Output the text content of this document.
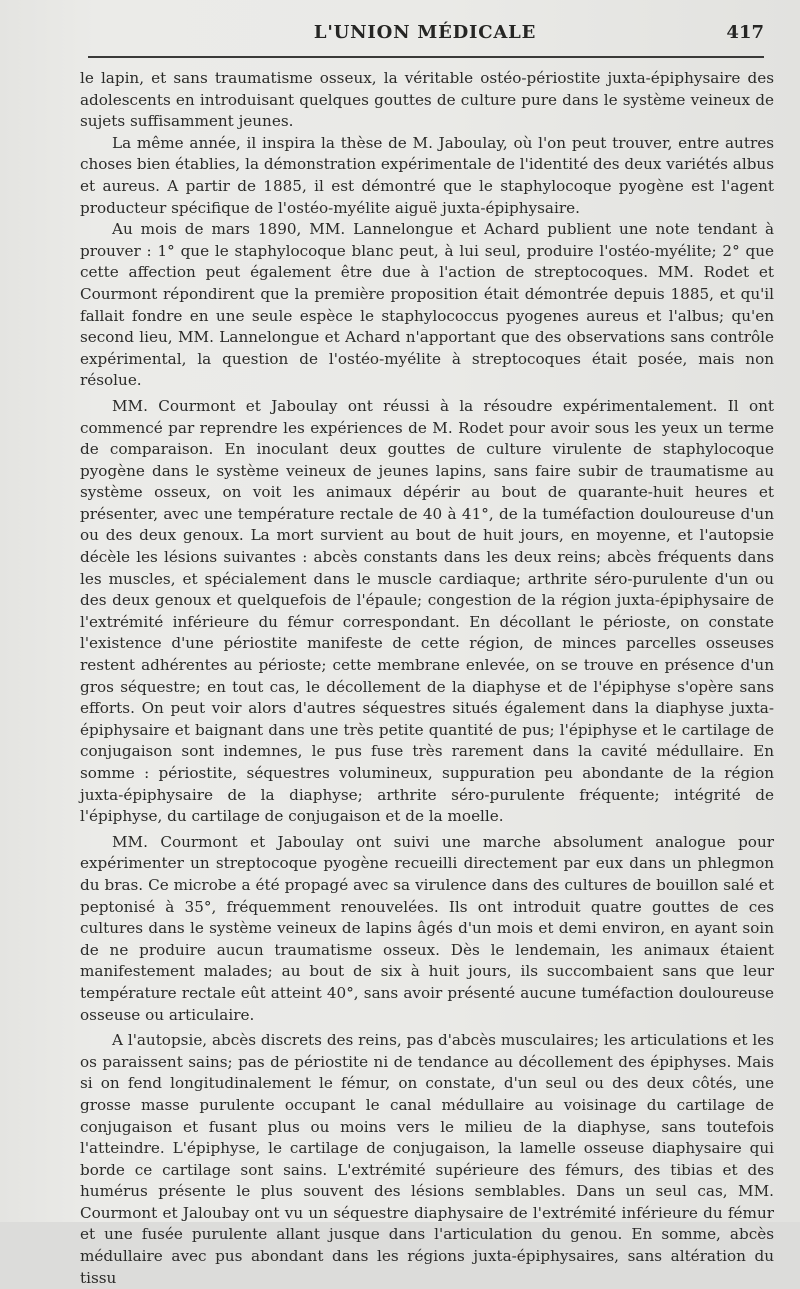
L'UNION MÉDICALE	417

le lapin, et sans traumatisme osseux, la véritable ostéo-périostite juxta-épiphysaire des adolescents en introduisant quelques gouttes de culture pure dans le système veineux de sujets suffisamment jeunes.

La même année, il inspira la thèse de M. Jaboulay, où l'on peut trouver, entre autres choses bien établies, la démonstration expérimentale de l'identité des deux variétés albus et aureus. A partir de 1885, il est démontré que le staphylocoque pyogène est l'agent producteur spécifique de l'ostéo-myélite aiguë juxta-épiphysaire.

Au mois de mars 1890, MM. Lannelongue et Achard publient une note tendant à prouver : 1° que le staphylocoque blanc peut, à lui seul, produire l'ostéo-myélite; 2° que cette affection peut également être due à l'action de streptocoques. MM. Rodet et Courmont répondirent que la première proposition était démontrée depuis 1885, et qu'il fallait fondre en une seule espèce le staphylococcus pyogenes aureus et l'albus; qu'en second lieu, MM. Lannelongue et Achard n'apportant que des observations sans contrôle expérimental, la question de l'ostéo-myélite à streptocoques était posée, mais non résolue.

MM. Courmont et Jaboulay ont réussi à la résoudre expérimentalement. Il ont commencé par reprendre les expériences de M. Rodet pour avoir sous les yeux un terme de comparaison. En inoculant deux gouttes de culture virulente de staphylocoque pyogène dans le système veineux de jeunes lapins, sans faire subir de traumatisme au système osseux, on voit les animaux dépérir au bout de quarante-huit heures et présenter, avec une température rectale de 40 à 41°, de la tuméfaction douloureuse d'un ou des deux genoux. La mort survient au bout de huit jours, en moyenne, et l'autopsie décèle les lésions suivantes : abcès constants dans les deux reins; abcès fréquents dans les muscles, et spécialement dans le muscle cardiaque; arthrite séro-purulente d'un ou des deux genoux et quelquefois de l'épaule; congestion de la région juxta-épiphysaire de l'extrémité inférieure du fémur correspondant. En décollant le périoste, on constate l'existence d'une périostite manifeste de cette région, de minces parcelles osseuses restent adhérentes au périoste; cette membrane enlevée, on se trouve en présence d'un gros séquestre; en tout cas, le décollement de la diaphyse et de l'épiphyse s'opère sans efforts. On peut voir alors d'autres séquestres situés également dans la diaphyse juxta-épiphysaire et baignant dans une très petite quantité de pus; l'épiphyse et le cartilage de conjugaison sont indemnes, le pus fuse très rarement dans la cavité médullaire. En somme : périostite, séquestres volumineux, suppuration peu abondante de la région juxta-épiphysaire de la diaphyse; arthrite séro-purulente fréquente; intégrité de l'épiphyse, du cartilage de conjugaison et de la moelle.

MM. Courmont et Jaboulay ont suivi une marche absolument analogue pour expérimenter un streptocoque pyogène recueilli directement par eux dans un phlegmon du bras. Ce microbe a été propagé avec sa virulence dans des cultures de bouillon salé et peptonisé à 35°, fréquemment renouvelées. Ils ont introduit quatre gouttes de ces cultures dans le système veineux de lapins âgés d'un mois et demi environ, en ayant soin de ne produire aucun traumatisme osseux. Dès le lendemain, les animaux étaient manifestement malades; au bout de six à huit jours, ils succombaient sans que leur température rectale eût atteint 40°, sans avoir présenté aucune tuméfaction douloureuse osseuse ou articulaire.

A l'autopsie, abcès discrets des reins, pas d'abcès musculaires; les articulations et les os paraissent sains; pas de périostite ni de tendance au décollement des épiphyses. Mais si on fend longitudinalement le fémur, on constate, d'un seul ou des deux côtés, une grosse masse purulente occupant le canal médullaire au voisinage du cartilage de conjugaison et fusant plus ou moins vers le milieu de la diaphyse, sans toutefois l'atteindre. L'épiphyse, le cartilage de conjugaison, la lamelle osseuse diaphysaire qui borde ce cartilage sont sains. L'extrémité supérieure des fémurs, des tibias et des humérus présente le plus souvent des lésions semblables. Dans un seul cas, MM. Courmont et Jaloubay ont vu un séquestre diaphysaire de l'extrémité inférieure du fémur et une fusée purulente allant jusque dans l'articulation du genou. En somme, abcès médullaire avec pus abondant dans les régions juxta-épiphysaires, sans altération du tissu
